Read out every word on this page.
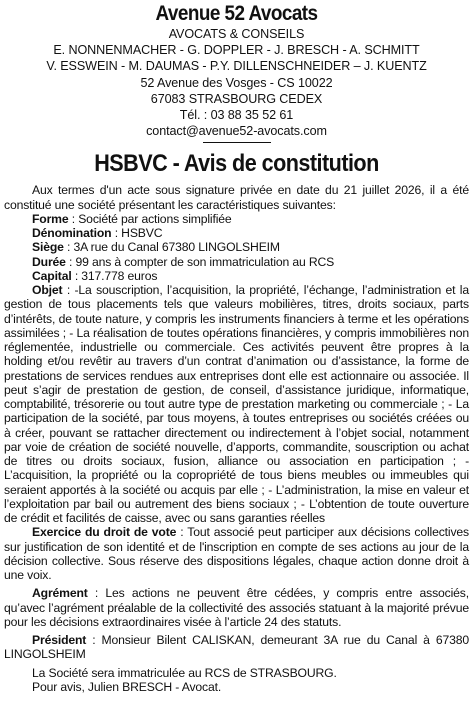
Avenue 52 Avocats
AVOCATS & CONSEILS
E. NONNENMACHER - G. DOPPLER - J. BRESCH - A. SCHMITT
V. ESSWEIN - M. DAUMAS - P.Y. DILLENSCHNEIDER – J. KUENTZ
52 Avenue des Vosges - CS 10022
67083 STRASBOURG CEDEX
Tél. : 03 88 35 52 61
contact@avenue52-avocats.com
HSBVC - Avis de constitution

Aux termes d'un acte sous signature privée en date du 21 juillet 2026, il a été constitué une société présentant les caractéristiques suivantes:

Forme : Société par actions simplifiée

Dénomination : HSBVC

Siège : 3A rue du Canal 67380 LINGOLSHEIM

Durée : 99 ans à compter de son immatriculation au RCS

Capital : 317.778 euros

Objet : -La souscription, l’acquisition, la propriété, l’échange, l’administration et la gestion de tous placements tels que valeurs mobilières, titres, droits sociaux, parts d’intérêts, de toute nature, y compris les instruments financiers à terme et les opérations assimilées ; - La réalisation de toutes opérations financières, y compris immobilières non réglementée, industrielle ou commerciale. Ces activités peuvent être propres à la holding et/ou revêtir au travers d’un contrat d’animation ou d’assistance, la forme de prestations de services rendues aux entreprises dont elle est actionnaire ou associée. Il peut s’agir de prestation de gestion, de conseil, d’assistance juridique, informatique, comptabilité, trésorerie ou tout autre type de prestation marketing ou commerciale ; - La participation de la société, par tous moyens, à toutes entreprises ou sociétés créées ou à créer, pouvant se rattacher directement ou indirectement à l’objet social, notamment par voie de création de société nouvelle, d’apports, commandite, souscription ou achat de titres ou droits sociaux, fusion, alliance ou association en participation ; - L’acquisition, la propriété ou la copropriété de tous biens meubles ou immeubles qui seraient apportés à la société ou acquis par elle ; - L’administration, la mise en valeur et l’exploitation par bail ou autrement des biens sociaux ; - L’obtention de toute ouverture de crédit et facilités de caisse, avec ou sans garanties réelles

Exercice du droit de vote : Tout associé peut participer aux décisions collectives sur justification de son identité et de l'inscription en compte de ses actions au jour de la décision collective. Sous réserve des dispositions légales, chaque action donne droit à une voix.

Agrément : Les actions ne peuvent être cédées, y compris entre associés, qu’avec l’agrément préalable de la collectivité des associés statuant à la majorité prévue pour les décisions extraordinaires visée à l’article 24 des statuts.

Président : Monsieur Bilent CALISKAN, demeurant 3A rue du Canal à 67380 LINGOLSHEIM

La Société sera immatriculée au RCS de STRASBOURG.

Pour avis, Julien BRESCH - Avocat.
